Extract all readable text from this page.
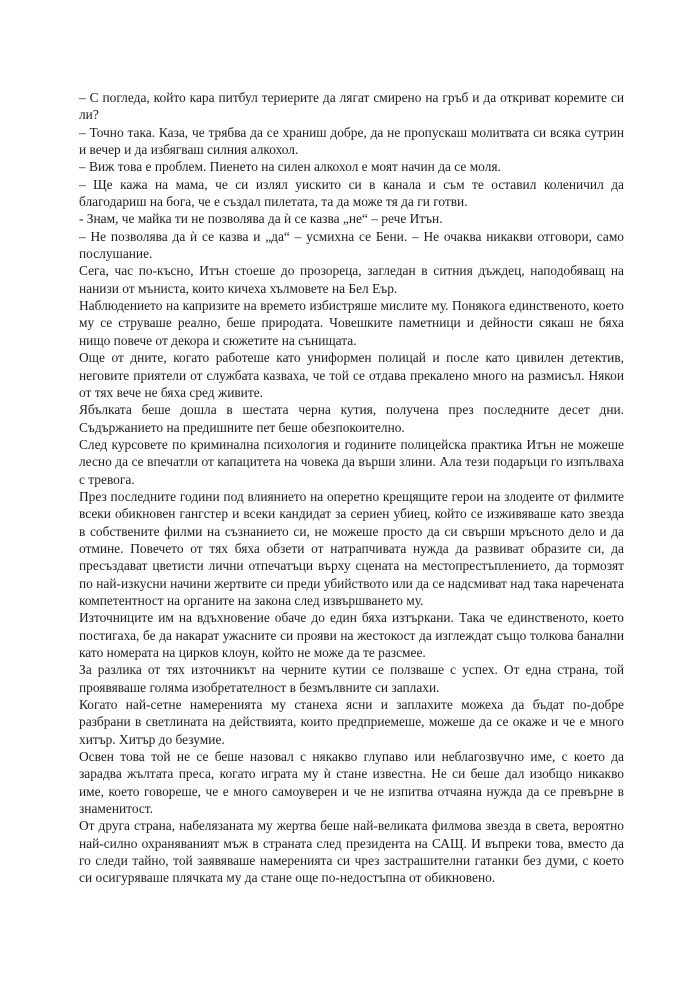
– С погледа, който кара питбул териерите да лягат смирено на гръб и да откриват коремите си ли?

– Точно така. Каза, че трябва да се храниш добре, да не пропускаш молитвата си всяка сутрин и вечер и да избягваш силния алкохол.

– Виж това е проблем. Пиенето на силен алкохол е моят начин да се моля.

– Ще кажа на мама, че си излял уискито си в канала и съм те оставил коленичил да благодариш на бога, че е създал пилетата, та да може тя да ги готви.

- Знам, че майка ти не позволява да ѝ се казва „не“ – рече Итън.

– Не позволява да ѝ се казва и „да“ – усмихна се Бени. – Не очаква никакви отговори, само послушание.

Сега, час по-късно, Итън стоеше до прозореца, загледан в ситния дъждец, наподобяващ на нанизи от мъниста, които кичеха хълмовете на Бел Еър.

Наблюдението на капризите на времето избистряше мислите му. Понякога единственото, което му се струваше реално, беше природата. Човешките паметници и дейности сякаш не бяха нищо повече от декора и сюжетите на сънищата.

Още от дните, когато работеше като униформен полицай и после като цивилен детектив, неговите приятели от службата казваха, че той се отдава прекалено много на размисъл. Някои от тях вече не бяха сред живите.

Ябълката беше дошла в шестата черна кутия, получена през последните десет дни. Съдържанието на предишните пет беше обезпокоително.

След курсовете по криминална психология и годините полицейска практика Итън не можеше лесно да се впечатли от капацитета на човека да върши злини. Ала тези подаръци го изпълваха с тревога.

През последните години под влиянието на оперетно крещящите герои на злодеите от филмите всеки обикновен гангстер и всеки кандидат за сериен убиец, който се изживяваше като звезда в собствените филми на съзнанието си, не можеше просто да си свърши мръсното дело и да отмине. Повечето от тях бяха обзети от натрапчивата нужда да развиват образите си, да пресъздават цветисти лични отпечатъци върху сцената на местопрестъплението, да тормозят по най-изкусни начини жертвите си преди убийството или да се надсмиват над така наречената компетентност на органите на закона след извършването му.

Източниците им на вдъхновение обаче до един бяха изтъркани. Така че единственото, което постигаха, бе да накарат ужасните си прояви на жестокост да изглеждат също толкова банални като номерата на цирков клоун, който не може да те разсмее.

За разлика от тях източникът на черните кутии се ползваше с успех. От една страна, той проявяваше голяма изобретателност в безмълвните си заплахи.

Когато най-сетне намеренията му станеха ясни и заплахите можеха да бъдат по-добре разбрани в светлината на действията, които предприемеше, можеше да се окаже и че е много хитър. Хитър до безумие.

Освен това той не се беше назовал с някакво глупаво или неблагозвучно име, с което да зарадва жълтата преса, когато играта му ѝ стане известна. Не си беше дал изобщо никакво име, което говореше, че е много самоуверен и че не изпитва отчаяна нужда да се превърне в знаменитост.

От друга страна, набелязаната му жертва беше най-великата филмова звезда в света, вероятно най-силно охраняваният мъж в страната след президента на САЩ. И въпреки това, вместо да го следи тайно, той заявяваше намеренията си чрез застрашителни гатанки без думи, с което си осигуряваше плячката му да стане още по-недостъпна от обикновено.
